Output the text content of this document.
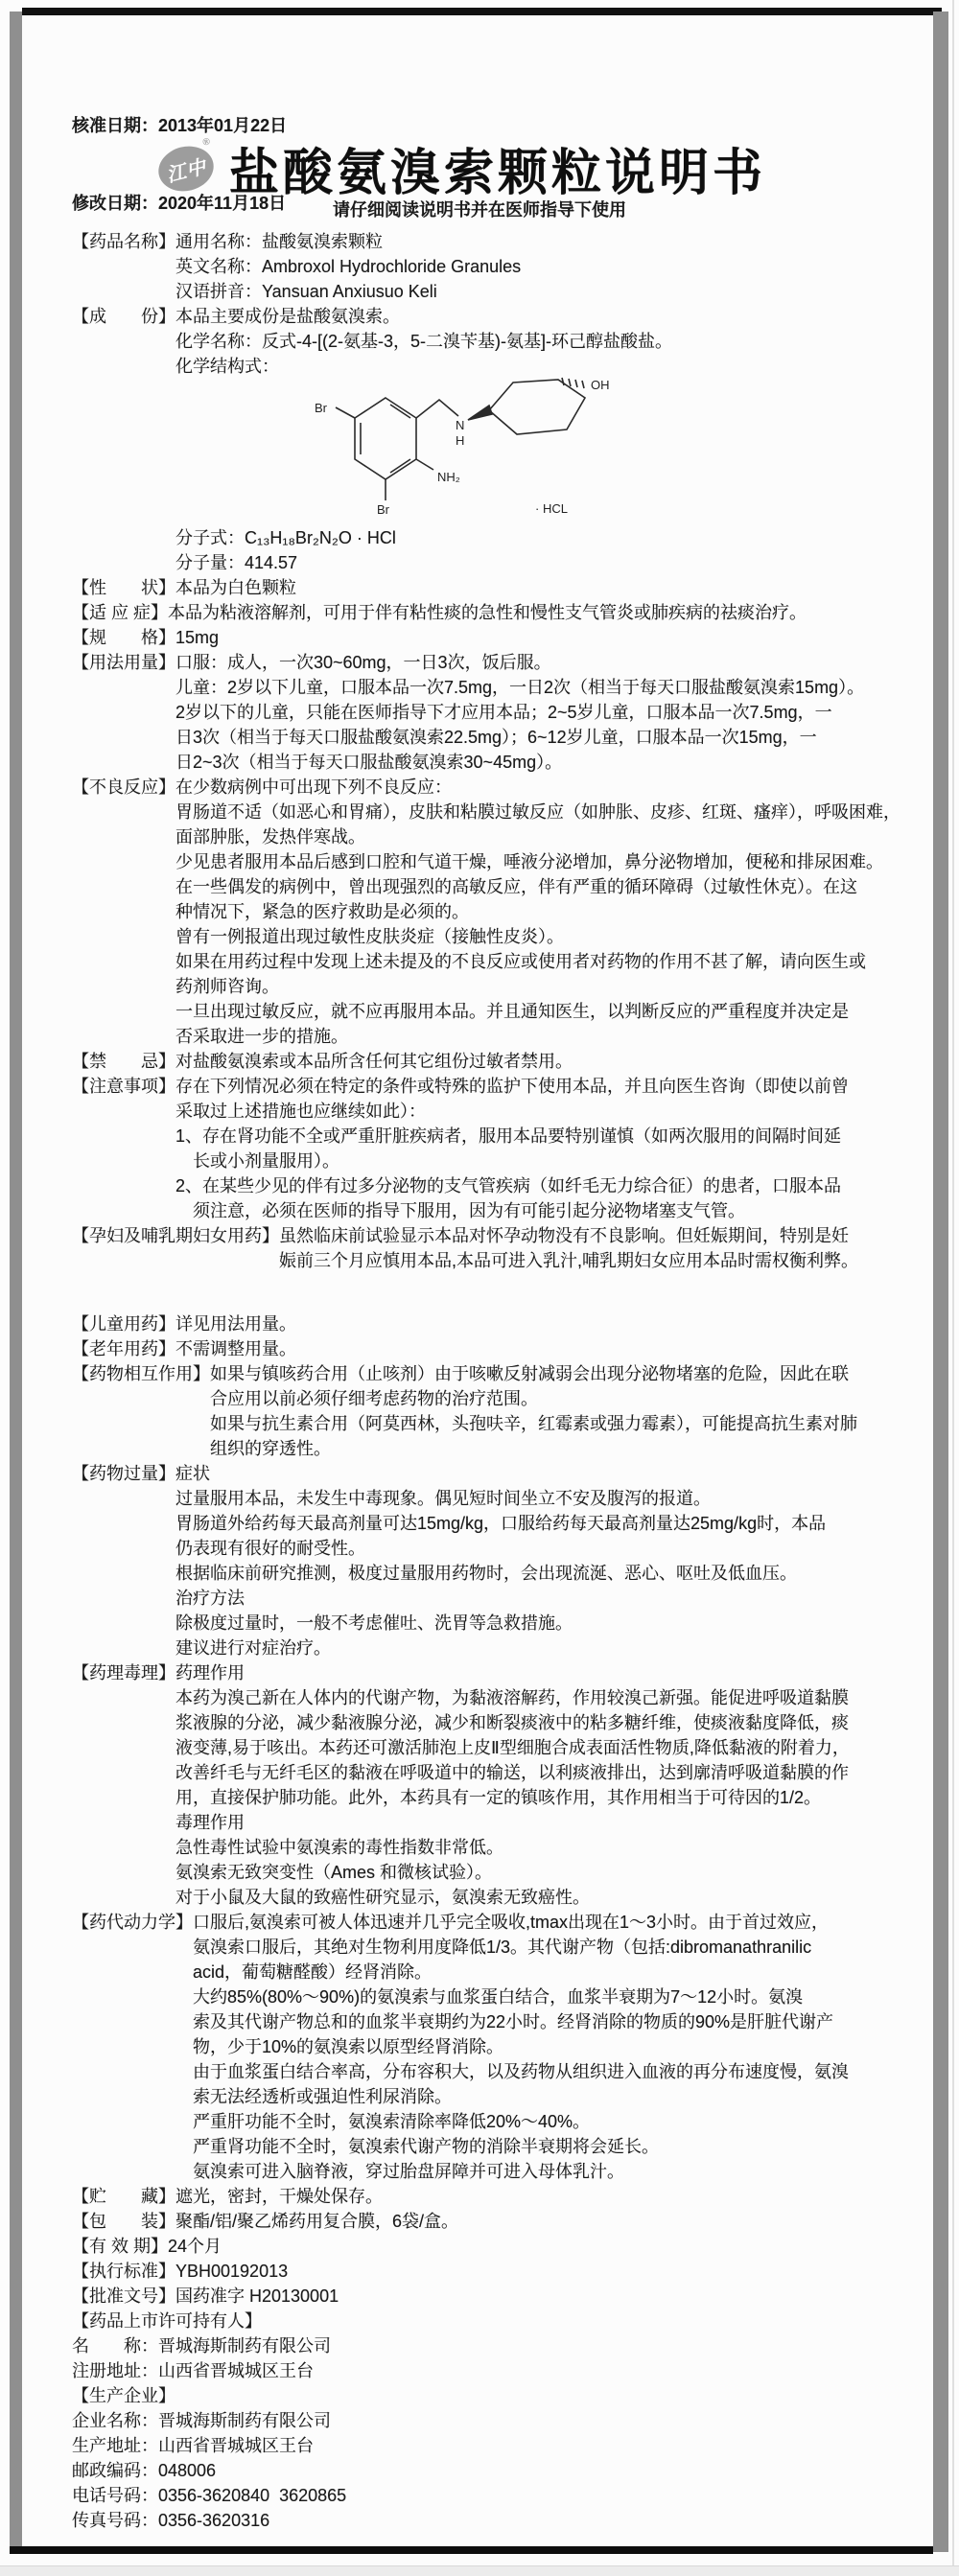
核准日期：2013年01月22日

修改日期：2020年11月18日

江中
®
盐酸氨溴索颗粒说明书
请仔细阅读说明书并在医师指导下使用
【药品名称】通用名称：盐酸氨溴索颗粒
英文名称：Ambroxol Hydrochloride Granules
汉语拼音：Yansuan Anxiusuo Keli
【成　　份】本品主要成份是盐酸氨溴索。
化学名称：反式-4-[(2-氨基-3，5-二溴苄基)-氨基]-环己醇盐酸盐。
化学结构式：
Br
Br
NH₂
N
H
OH
· HCL
分子式：C₁₃H₁₈Br₂N₂O · HCl
分子量：414.57
【性　　状】本品为白色颗粒
【适 应 症】本品为粘液溶解剂，可用于伴有粘性痰的急性和慢性支气管炎或肺疾病的祛痰治疗。
【规　　格】15mg
【用法用量】口服：成人，一次30~60mg，一日3次，饭后服。
儿童：2岁以下儿童，口服本品一次7.5mg，一日2次（相当于每天口服盐酸氨溴索15mg）。
2岁以下的儿童，只能在医师指导下才应用本品；2~5岁儿童，口服本品一次7.5mg，一
日3次（相当于每天口服盐酸氨溴索22.5mg）；6~12岁儿童，口服本品一次15mg，一
日2~3次（相当于每天口服盐酸氨溴索30~45mg）。
【不良反应】在少数病例中可出现下列不良反应：
胃肠道不适（如恶心和胃痛），皮肤和粘膜过敏反应（如肿胀、皮疹、红斑、瘙痒），呼吸困难，
面部肿胀，发热伴寒战。
少见患者服用本品后感到口腔和气道干燥，唾液分泌增加，鼻分泌物增加，便秘和排尿困难。
在一些偶发的病例中，曾出现强烈的高敏反应，伴有严重的循环障碍（过敏性休克）。在这
种情况下，紧急的医疗救助是必须的。
曾有一例报道出现过敏性皮肤炎症（接触性皮炎）。
如果在用药过程中发现上述未提及的不良反应或使用者对药物的作用不甚了解，请向医生或
药剂师咨询。
一旦出现过敏反应，就不应再服用本品。并且通知医生，以判断反应的严重程度并决定是
否采取进一步的措施。
【禁　　忌】对盐酸氨溴索或本品所含任何其它组份过敏者禁用。
【注意事项】存在下列情况必须在特定的条件或特殊的监护下使用本品，并且向医生咨询（即使以前曾
采取过上述措施也应继续如此）：
1、存在肾功能不全或严重肝脏疾病者，服用本品要特别谨慎（如两次服用的间隔时间延
长或小剂量服用）。
2、在某些少见的伴有过多分泌物的支气管疾病（如纤毛无力综合征）的患者，口服本品
须注意，必须在医师的指导下服用，因为有可能引起分泌物堵塞支气管。
【孕妇及哺乳期妇女用药】虽然临床前试验显示本品对怀孕动物没有不良影响。但妊娠期间，特别是妊
娠前三个月应慎用本品,本品可进入乳汁,哺乳期妇女应用本品时需权衡利弊。
【儿童用药】详见用法用量。
【老年用药】不需调整用量。
【药物相互作用】如果与镇咳药合用（止咳剂）由于咳嗽反射减弱会出现分泌物堵塞的危险，因此在联
合应用以前必须仔细考虑药物的治疗范围。
如果与抗生素合用（阿莫西林，头孢呋辛，红霉素或强力霉素），可能提高抗生素对肺
组织的穿透性。
【药物过量】症状
过量服用本品，未发生中毒现象。偶见短时间坐立不安及腹泻的报道。
胃肠道外给药每天最高剂量可达15mg/kg，口服给药每天最高剂量达25mg/kg时，本品
仍表现有很好的耐受性。
根据临床前研究推测，极度过量服用药物时，会出现流涎、恶心、呕吐及低血压。
治疗方法
除极度过量时，一般不考虑催吐、洗胃等急救措施。
建议进行对症治疗。
【药理毒理】药理作用
本药为溴己新在人体内的代谢产物，为黏液溶解药，作用较溴己新强。能促进呼吸道黏膜
浆液腺的分泌，减少黏液腺分泌，减少和断裂痰液中的粘多糖纤维，使痰液黏度降低，痰
液变薄,易于咳出。本药还可激活肺泡上皮Ⅱ型细胞合成表面活性物质,降低黏液的附着力，
改善纤毛与无纤毛区的黏液在呼吸道中的输送，以利痰液排出，达到廓清呼吸道黏膜的作
用，直接保护肺功能。此外，本药具有一定的镇咳作用，其作用相当于可待因的1/2。
毒理作用
急性毒性试验中氨溴索的毒性指数非常低。
氨溴索无致突变性（Ames 和微核试验）。
对于小鼠及大鼠的致癌性研究显示，氨溴索无致癌性。
【药代动力学】口服后,氨溴索可被人体迅速并几乎完全吸收,tmax出现在1～3小时。由于首过效应，
氨溴索口服后，其绝对生物利用度降低1/3。其代谢产物（包括:dibromanathranilic
acid，葡萄糖醛酸）经肾消除。
大约85%(80%～90%)的氨溴索与血浆蛋白结合，血浆半衰期为7～12小时。氨溴
索及其代谢产物总和的血浆半衰期约为22小时。经肾消除的物质的90%是肝脏代谢产
物，少于10%的氨溴索以原型经肾消除。
由于血浆蛋白结合率高，分布容积大，以及药物从组织进入血液的再分布速度慢，氨溴
索无法经透析或强迫性利尿消除。
严重肝功能不全时，氨溴索清除率降低20%～40%。
严重肾功能不全时，氨溴索代谢产物的消除半衰期将会延长。
氨溴索可进入脑脊液，穿过胎盘屏障并可进入母体乳汁。
【贮　　藏】遮光，密封，干燥处保存。
【包　　装】聚酯/铝/聚乙烯药用复合膜，6袋/盒。
【有 效 期】24个月
【执行标准】YBH00192013
【批准文号】国药准字 H20130001
【药品上市许可持有人】
名　　称：晋城海斯制药有限公司
注册地址：山西省晋城城区王台
【生产企业】
企业名称：晋城海斯制药有限公司
生产地址：山西省晋城城区王台
邮政编码：048006
电话号码：0356-3620840  3620865
传真号码：0356-3620316
